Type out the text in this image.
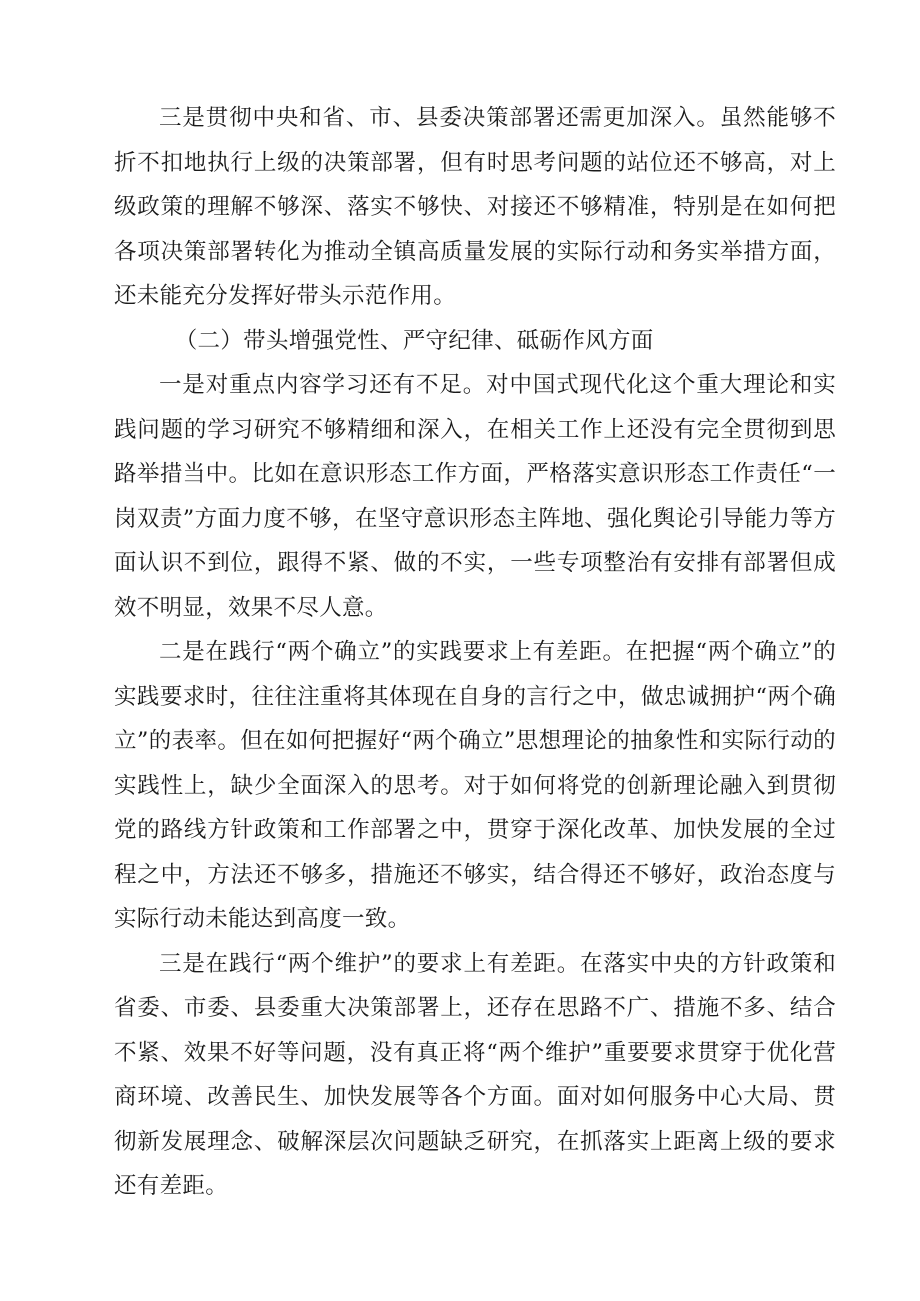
三是贯彻中央和省、市、县委决策部署还需更加深入。虽然能够不折不扣地执行上级的决策部署，但有时思考问题的站位还不够高，对上级政策的理解不够深、落实不够快、对接还不够精准，特别是在如何把各项决策部署转化为推动全镇高质量发展的实际行动和务实举措方面，还未能充分发挥好带头示范作用。

（二）带头增强党性、严守纪律、砥砺作风方面

一是对重点内容学习还有不足。对中国式现代化这个重大理论和实践问题的学习研究不够精细和深入，在相关工作上还没有完全贯彻到思路举措当中。比如在意识形态工作方面，严格落实意识形态工作责任“一岗双责”方面力度不够，在坚守意识形态主阵地、强化舆论引导能力等方面认识不到位，跟得不紧、做的不实，一些专项整治有安排有部署但成效不明显，效果不尽人意。

二是在践行“两个确立”的实践要求上有差距。在把握“两个确立”的实践要求时，往往注重将其体现在自身的言行之中，做忠诚拥护“两个确立”的表率。但在如何把握好“两个确立”思想理论的抽象性和实际行动的实践性上，缺少全面深入的思考。对于如何将党的创新理论融入到贯彻党的路线方针政策和工作部署之中，贯穿于深化改革、加快发展的全过程之中，方法还不够多，措施还不够实，结合得还不够好，政治态度与实际行动未能达到高度一致。

三是在践行“两个维护”的要求上有差距。在落实中央的方针政策和省委、市委、县委重大决策部署上，还存在思路不广、措施不多、结合不紧、效果不好等问题，没有真正将“两个维护”重要要求贯穿于优化营商环境、改善民生、加快发展等各个方面。面对如何服务中心大局、贯彻新发展理念、破解深层次问题缺乏研究，在抓落实上距离上级的要求还有差距。
